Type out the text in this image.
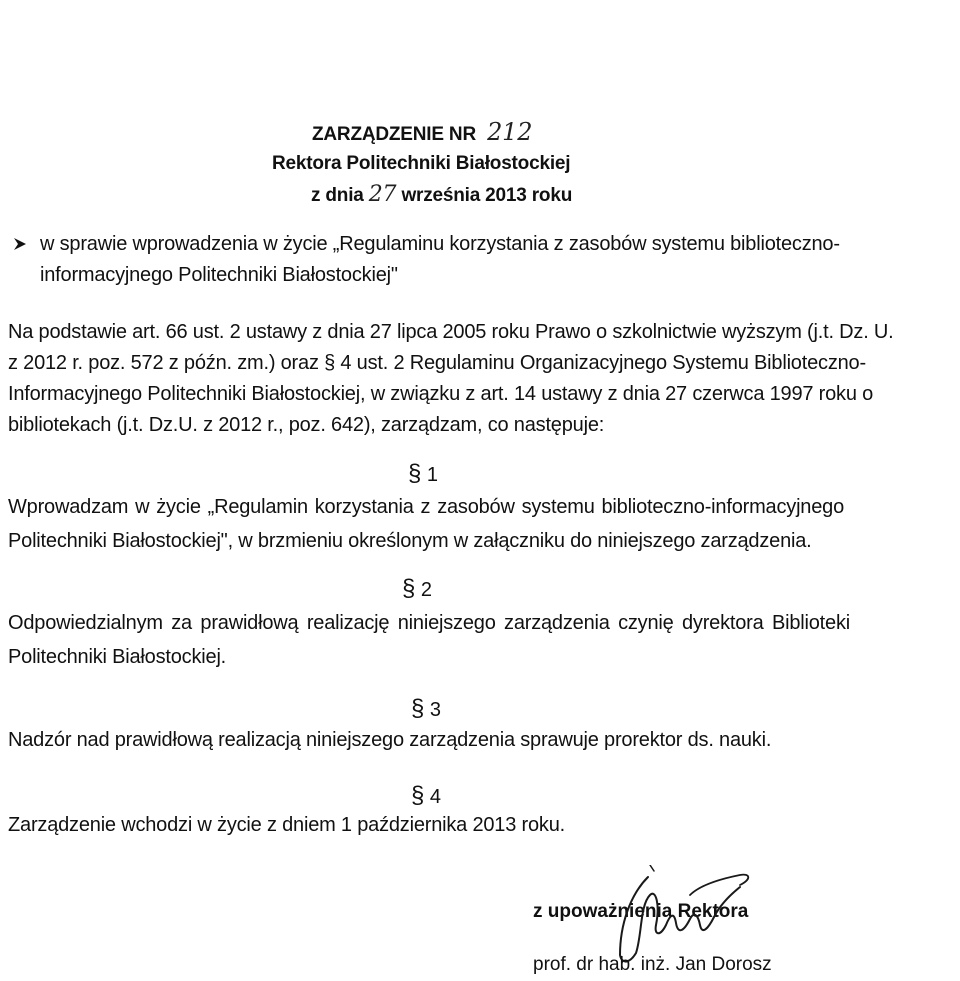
ZARZĄDZENIE NR 212
Rektora Politechniki Białostockiej
z dnia 27 września 2013 roku
w sprawie wprowadzenia w życie „Regulaminu korzystania z zasobów systemu biblioteczno-
informacyjnego Politechniki Białostockiej"
Na podstawie art. 66 ust. 2 ustawy z dnia 27 lipca 2005 roku Prawo o szkolnictwie wyższym (j.t. Dz. U.
z 2012 r. poz. 572 z późn. zm.) oraz § 4 ust. 2 Regulaminu Organizacyjnego Systemu Biblioteczno-
Informacyjnego Politechniki Białostockiej, w związku z art. 14 ustawy z dnia 27 czerwca 1997 roku o
bibliotekach (j.t. Dz.U. z 2012 r., poz. 642), zarządzam, co następuje:
§ 1
Wprowadzam w życie „Regulamin korzystania z zasobów systemu biblioteczno-informacyjnego Politechniki Białostockiej", w brzmieniu określonym w załączniku do niniejszego zarządzenia.
§ 2
Odpowiedzialnym za prawidłową realizację niniejszego zarządzenia czynię dyrektora Biblioteki Politechniki Białostockiej.
§ 3
Nadzór nad prawidłową realizacją niniejszego zarządzenia sprawuje prorektor ds. nauki.
§ 4
Zarządzenie wchodzi w życie z dniem 1 października 2013 roku.
z upoważnienia Rektora
prof. dr hab. inż. Jan Dorosz
